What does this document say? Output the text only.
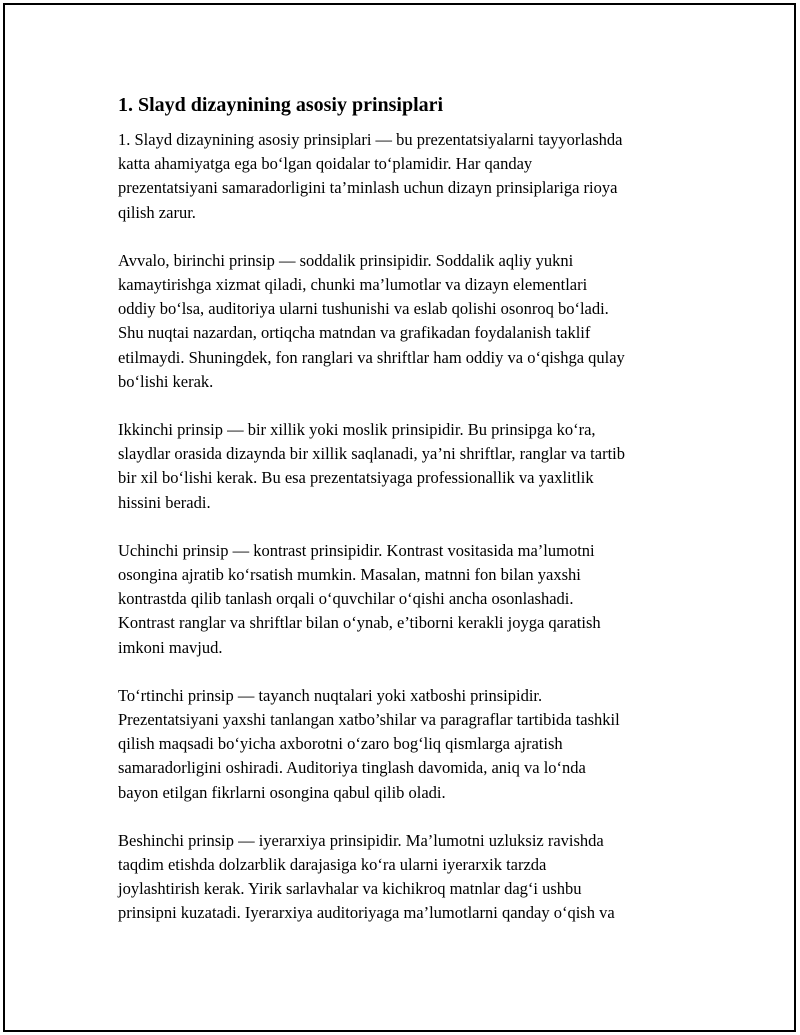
1. Slayd dizaynining asosiy prinsiplari

1. Slayd dizaynining asosiy prinsiplari — bu prezentatsiyalarni tayyorlashda
katta ahamiyatga ega bo‘lgan qoidalar to‘plamidir. Har qanday
prezentatsiyani samaradorligini ta’minlash uchun dizayn prinsiplariga rioya
qilish zarur.

Avvalo, birinchi prinsip — soddalik prinsipidir. Soddalik aqliy yukni
kamaytirishga xizmat qiladi, chunki ma’lumotlar va dizayn elementlari
oddiy bo‘lsa, auditoriya ularni tushunishi va eslab qolishi osonroq bo‘ladi.
Shu nuqtai nazardan, ortiqcha matndan va grafikadan foydalanish taklif
etilmaydi. Shuningdek, fon ranglari va shriftlar ham oddiy va o‘qishga qulay
bo‘lishi kerak.

Ikkinchi prinsip — bir xillik yoki moslik prinsipidir. Bu prinsipga ko‘ra,
slaydlar orasida dizaynda bir xillik saqlanadi, ya’ni shriftlar, ranglar va tartib
bir xil bo‘lishi kerak. Bu esa prezentatsiyaga professionallik va yaxlitlik
hissini beradi.

Uchinchi prinsip — kontrast prinsipidir. Kontrast vositasida ma’lumotni
osongina ajratib ko‘rsatish mumkin. Masalan, matnni fon bilan yaxshi
kontrastda qilib tanlash orqali o‘quvchilar o‘qishi ancha osonlashadi.
Kontrast ranglar va shriftlar bilan o‘ynab, e’tiborni kerakli joyga qaratish
imkoni mavjud.

To‘rtinchi prinsip — tayanch nuqtalari yoki xatboshi prinsipidir.
Prezentatsiyani yaxshi tanlangan xatbo’shilar va paragraflar tartibida tashkil
qilish maqsadi bo‘yicha axborotni o‘zaro bog‘liq qismlarga ajratish
samaradorligini oshiradi. Auditoriya tinglash davomida, aniq va lo‘nda
bayon etilgan fikrlarni osongina qabul qilib oladi.

Beshinchi prinsip — iyerarxiya prinsipidir. Ma’lumotni uzluksiz ravishda
taqdim etishda dolzarblik darajasiga ko‘ra ularni iyerarxik tarzda
joylashtirish kerak. Yirik sarlavhalar va kichikroq matnlar dag‘i ushbu
prinsipni kuzatadi. Iyerarxiya auditoriyaga ma’lumotlarni qanday o‘qish va
